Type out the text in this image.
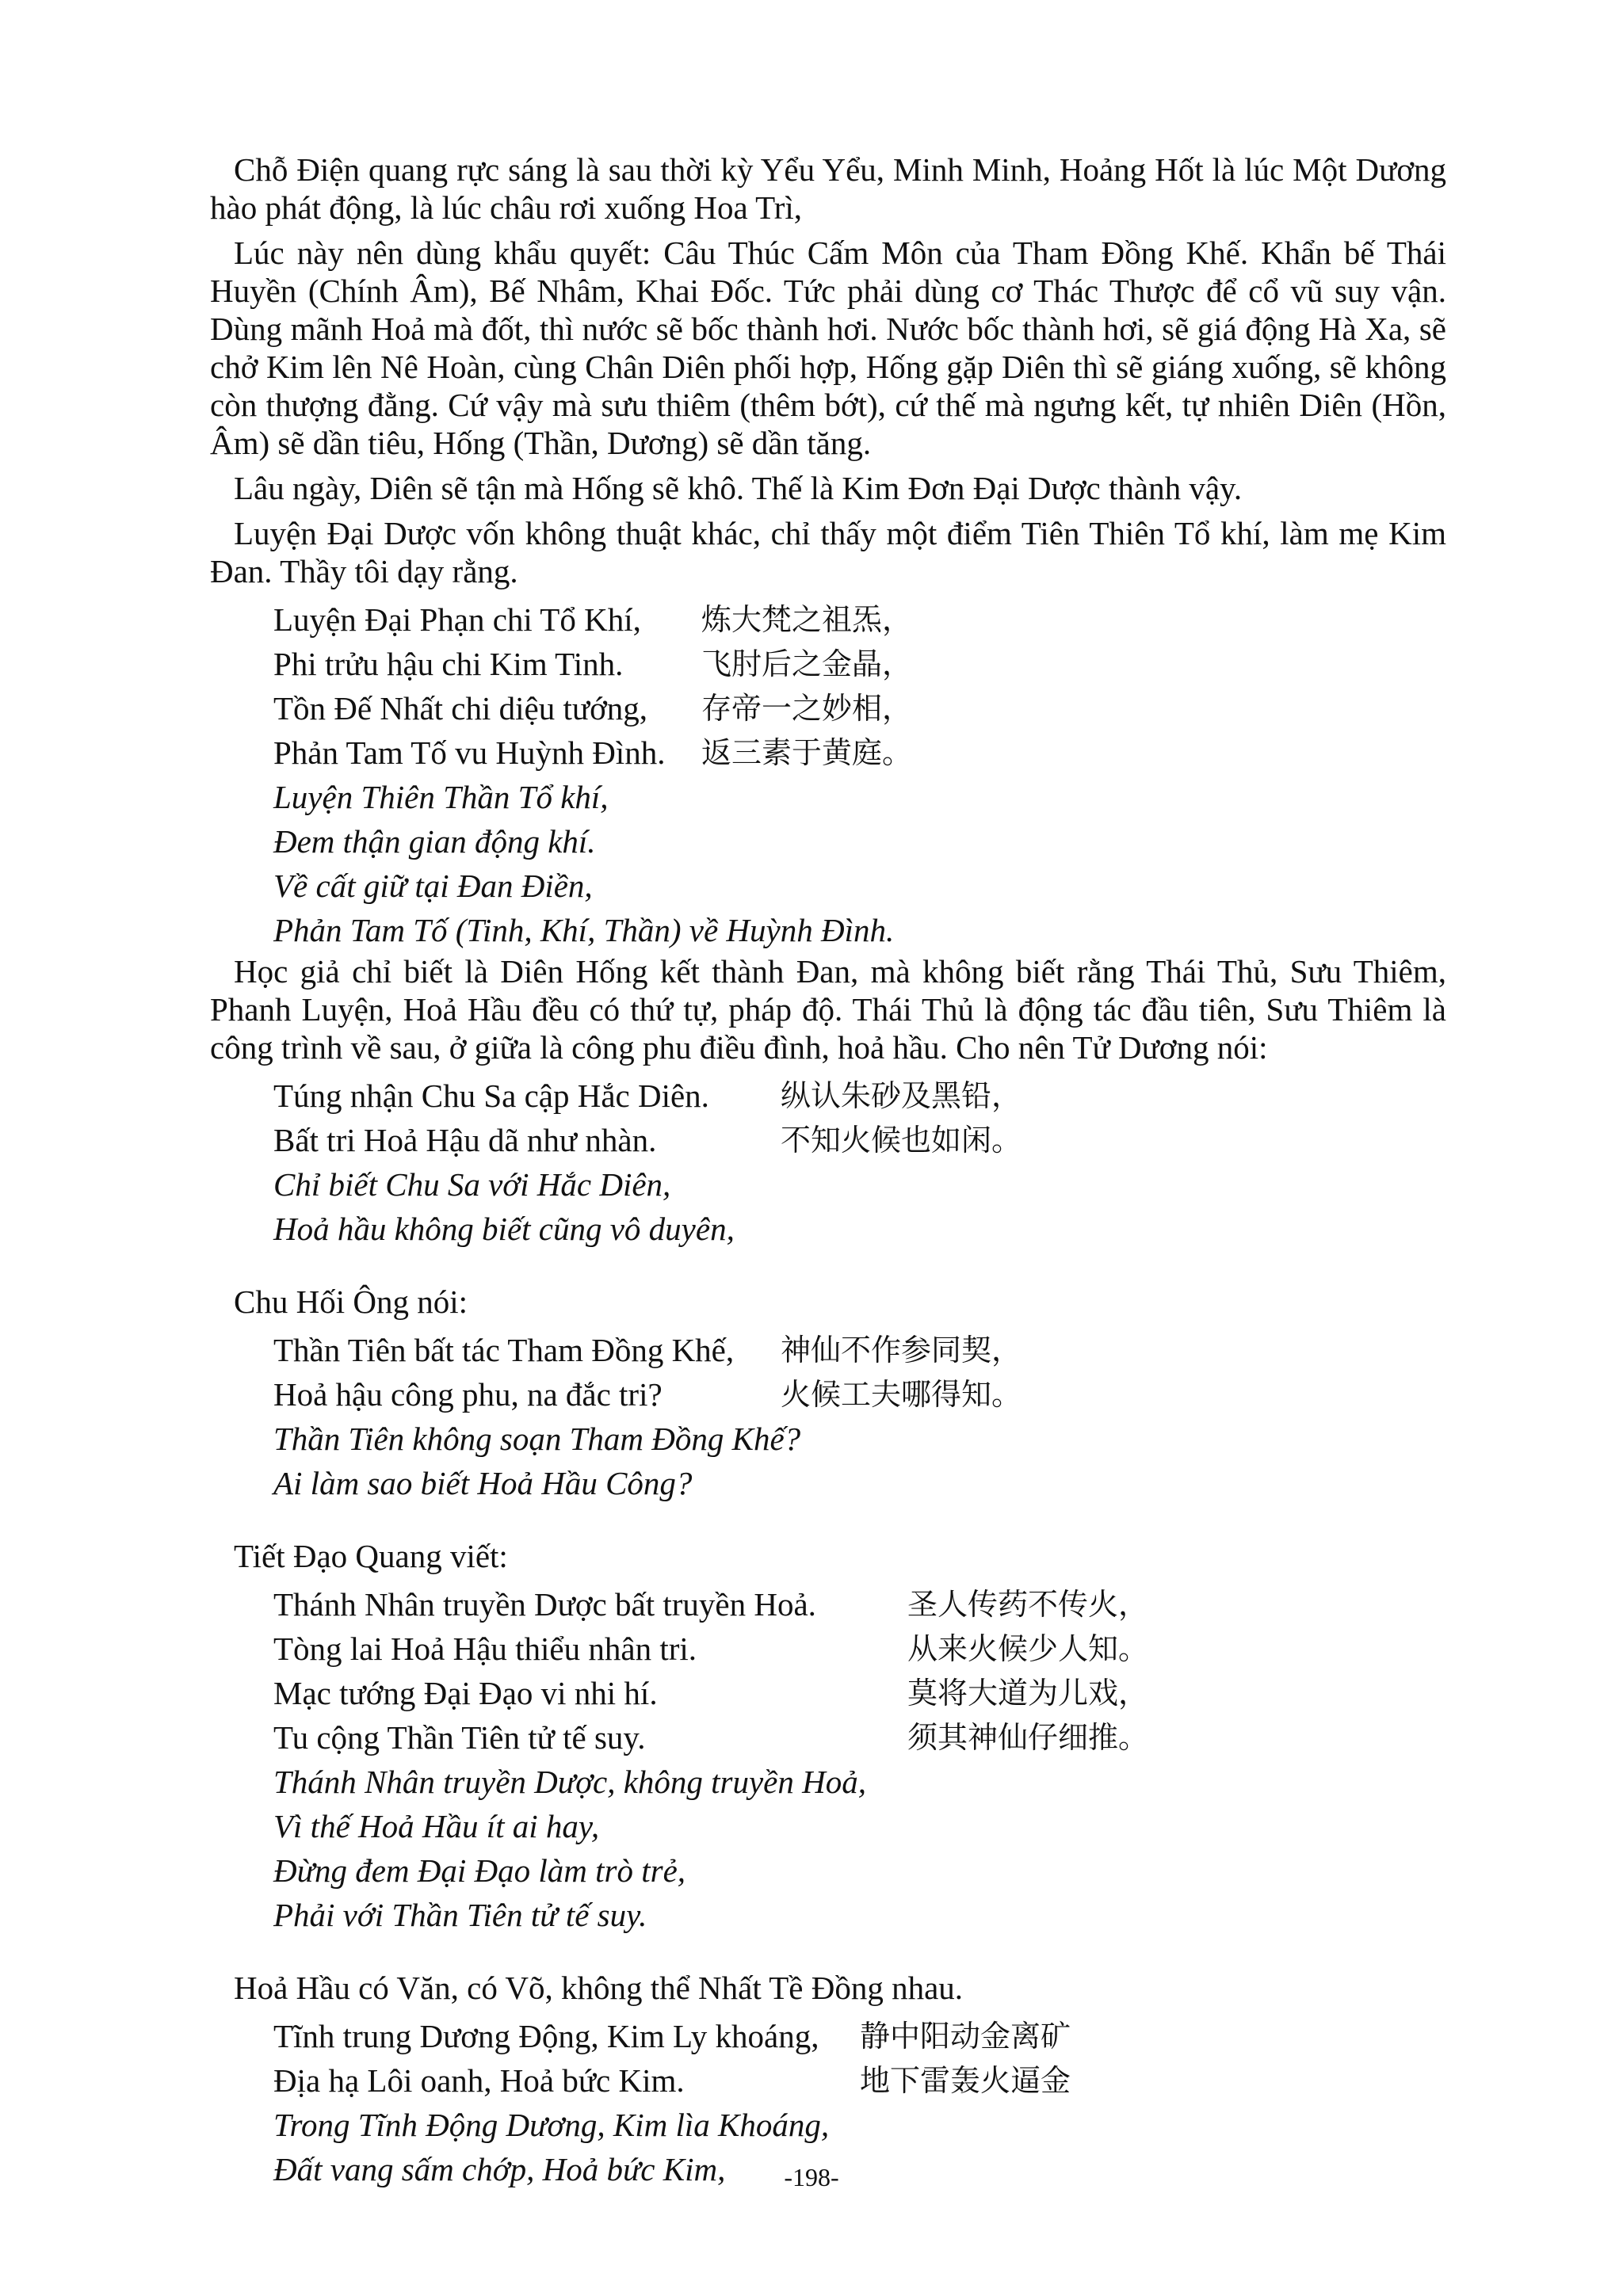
Chỗ Điện quang rực sáng là sau thời kỳ Yểu Yểu, Minh Minh, Hoảng Hốt là lúc Một Dương hào phát động, là lúc châu rơi xuống Hoa Trì,

Lúc này nên dùng khẩu quyết: Câu Thúc Cấm Môn của Tham Đồng Khế. Khẩn bế Thái Huyền (Chính Âm), Bế Nhâm, Khai Đốc. Tức phải dùng cơ Thác Thược để cổ vũ suy vận. Dùng mãnh Hoả mà đốt, thì nước sẽ bốc thành hơi. Nước bốc thành hơi, sẽ giá động Hà Xa, sẽ chở Kim lên Nê Hoàn, cùng Chân Diên phối hợp, Hống gặp Diên thì sẽ giáng xuống, sẽ không còn thượng đằng. Cứ vậy mà sưu thiêm (thêm bớt), cứ thế mà ngưng kết, tự nhiên Diên (Hồn, Âm) sẽ dần tiêu, Hống (Thần, Dương) sẽ dần tăng.

Lâu ngày, Diên sẽ tận mà Hống sẽ khô. Thế là Kim Đơn Đại Dược thành vậy.

Luyện Đại Dược vốn không thuật khác, chỉ thấy một điểm Tiên Thiên Tổ khí, làm mẹ Kim Đan. Thầy tôi dạy rằng.

Luyện Đại Phạn chi Tổ Khí,	炼大梵之祖炁，
Phi trửu hậu chi Kim Tinh.	飞肘后之金晶，
Tồn Đế Nhất chi diệu tướng,	存帝一之妙相，
Phản Tam Tố vu Huỳnh Đình.	返三素于黄庭。
Luyện Thiên Thần Tổ khí,
Đem thận gian động khí.
Về cất giữ tại Đan Điền,
Phản Tam Tố (Tinh, Khí, Thần) về Huỳnh Đình.

Học giả chỉ biết là Diên Hống kết thành Đan, mà không biết rằng Thái Thủ, Sưu Thiêm, Phanh Luyện, Hoả Hầu đều có thứ tự, pháp độ. Thái Thủ là động tác đầu tiên, Sưu Thiêm là công trình về sau, ở giữa là công phu điều đình, hoả hầu. Cho nên Tử Dương nói:

Túng nhận Chu Sa cập Hắc Diên.	纵认朱砂及黑铅，
Bất tri Hoả Hậu dã như nhàn.	不知火候也如闲。
Chỉ biết Chu Sa với Hắc Diên,
Hoả hầu không biết cũng vô duyên,

Chu Hối Ông nói:

Thần Tiên bất tác Tham Đồng Khế,	神仙不作参同契，
Hoả hậu công phu, na đắc tri?	火候工夫哪得知。
Thần Tiên không soạn Tham Đồng Khế?
Ai làm sao biết Hoả Hầu Công?

Tiết Đạo Quang viết:

Thánh Nhân truyền Dược bất truyền Hoả.	圣人传药不传火，
Tòng lai Hoả Hậu thiểu nhân tri.	从来火候少人知。
Mạc tướng Đại Đạo vi nhi hí.	莫将大道为儿戏，
Tu cộng Thần Tiên tử tế suy.	须其神仙仔细推。
Thánh Nhân truyền Dược, không truyền Hoả,
Vì thế Hoả Hầu ít ai hay,
Đừng đem Đại Đạo làm trò trẻ,
Phải với Thần Tiên tử tế suy.

Hoả Hầu có Văn, có Võ, không thể Nhất Tề Đồng nhau.

Tĩnh trung Dương Động, Kim Ly khoáng,	静中阳动金离矿
Địa hạ Lôi oanh, Hoả bức Kim.	地下雷轰火逼金
Trong Tĩnh Động Dương, Kim lìa Khoáng,
Đất vang sấm chớp, Hoả bức Kim,	-198-
